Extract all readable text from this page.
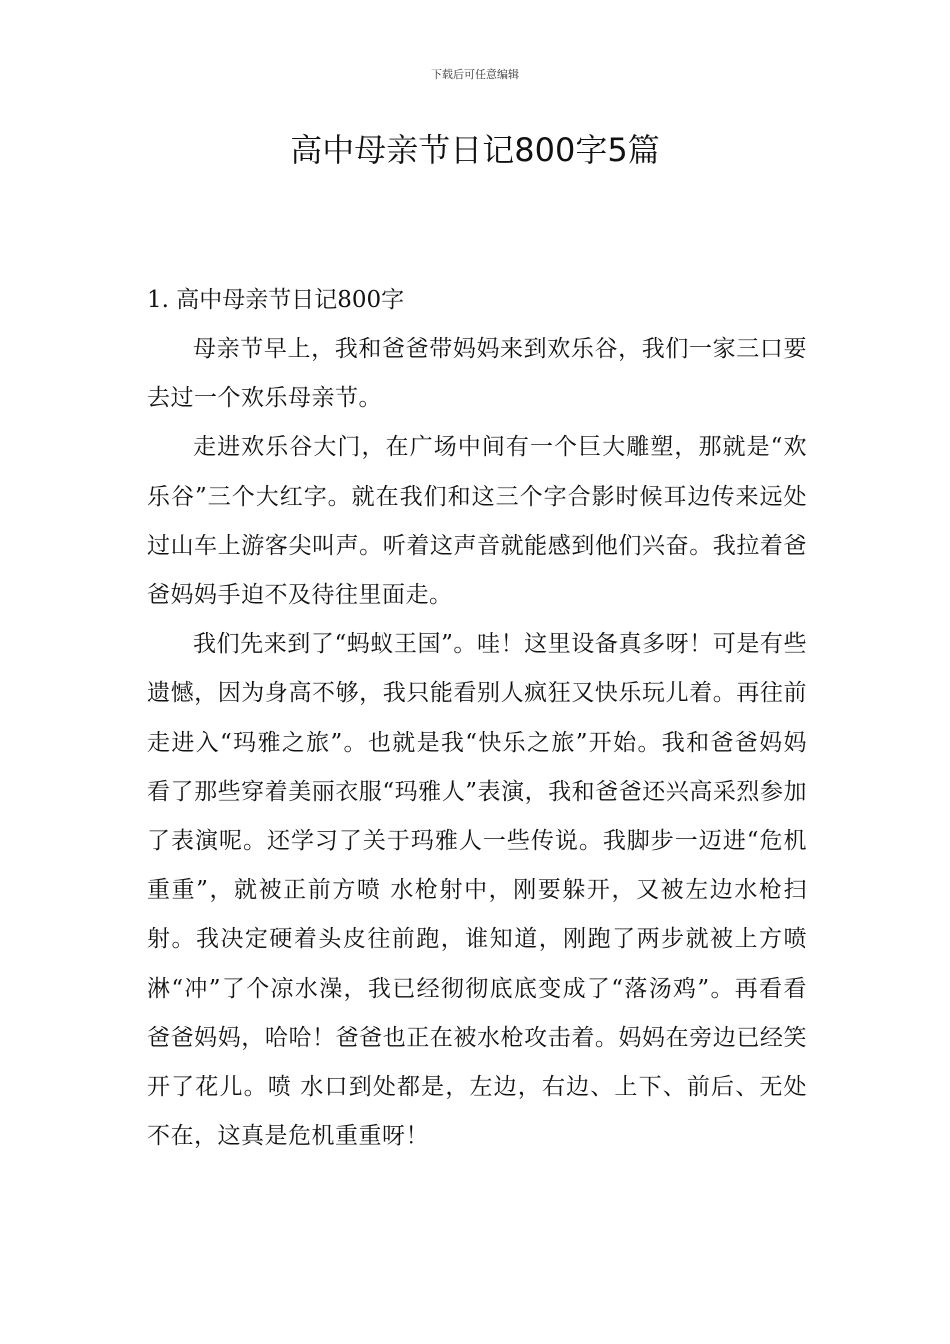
下载后可任意编辑
高中母亲节日记800字5篇

1. 高中母亲节日记800字

母亲节早上，我和爸爸带妈妈来到欢乐谷，我们一家三口要去过一个欢乐母亲节。

走进欢乐谷大门，在广场中间有一个巨大雕塑，那就是“欢乐谷”三个大红字。就在我们和这三个字合影时候耳边传来远处过山车上游客尖叫声。听着这声音就能感到他们兴奋。我拉着爸爸妈妈手迫不及待往里面走。

我们先来到了“蚂蚁王国”。哇！这里设备真多呀！可是有些遗憾，因为身高不够，我只能看别人疯狂又快乐玩儿着。再往前走进入“玛雅之旅”。也就是我“快乐之旅”开始。我和爸爸妈妈看了那些穿着美丽衣服“玛雅人”表演，我和爸爸还兴高采烈参加了表演呢。还学习了关于玛雅人一些传说。我脚步一迈进“危机重重”，就被正前方喷 水枪射中，刚要躲开，又被左边水枪扫射。我决定硬着头皮往前跑，谁知道，刚跑了两步就被上方喷淋“冲”了个凉水澡，我已经彻彻底底变成了“落汤鸡”。再看看爸爸妈妈，哈哈！爸爸也正在被水枪攻击着。妈妈在旁边已经笑开了花儿。喷 水口到处都是，左边，右边、上下、前后、无处不在，这真是危机重重呀！
